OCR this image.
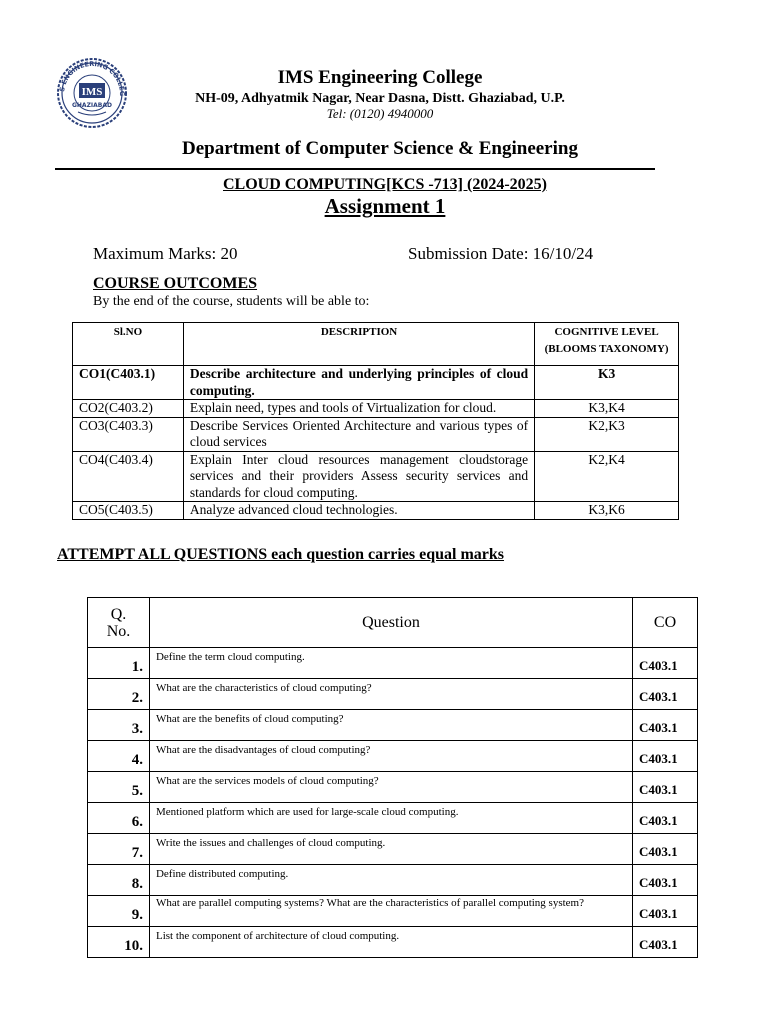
S ENGINEERING COLLEG
IMS
GHAZIABAD
IMS Engineering College
NH-09, Adhyatmik Nagar, Near Dasna, Distt. Ghaziabad, U.P.
Tel: (0120) 4940000
Department of Computer Science & Engineering
CLOUD COMPUTING[KCS -713] (2024-2025)
Assignment 1
Maximum Marks: 20	Submission Date: 16/10/24
COURSE OUTCOMES
By the end of the course, students will be able to:
Sl.NO	DESCRIPTION	COGNITIVE LEVEL (BLOOMS TAXONOMY)
CO1(C403.1)	Describe architecture and underlying principles of cloud computing.	K3
CO2(C403.2)	Explain need, types and tools of Virtualization for cloud.	K3,K4
CO3(C403.3)	Describe Services Oriented Architecture and various types of cloud services	K2,K3
CO4(C403.4)	Explain Inter cloud resources management cloudstorage services and their providers Assess security services and standards for cloud computing.	K2,K4
CO5(C403.5)	Analyze advanced cloud technologies.	K3,K6
ATTEMPT ALL QUESTIONS each question carries equal marks
Q. No.	Question	CO
1.	Define the term cloud computing.	C403.1
2.	What are the characteristics of cloud computing?	C403.1
3.	What are the benefits of cloud computing?	C403.1
4.	What are the disadvantages of cloud computing?	C403.1
5.	What are the services models of cloud computing?	C403.1
6.	Mentioned platform which are used for large-scale cloud computing.	C403.1
7.	Write the issues and challenges of cloud computing.	C403.1
8.	Define distributed computing.	C403.1
9.	What are parallel computing systems? What are the characteristics of parallel computing system?	C403.1
10.	List the component of architecture of cloud computing.	C403.1
